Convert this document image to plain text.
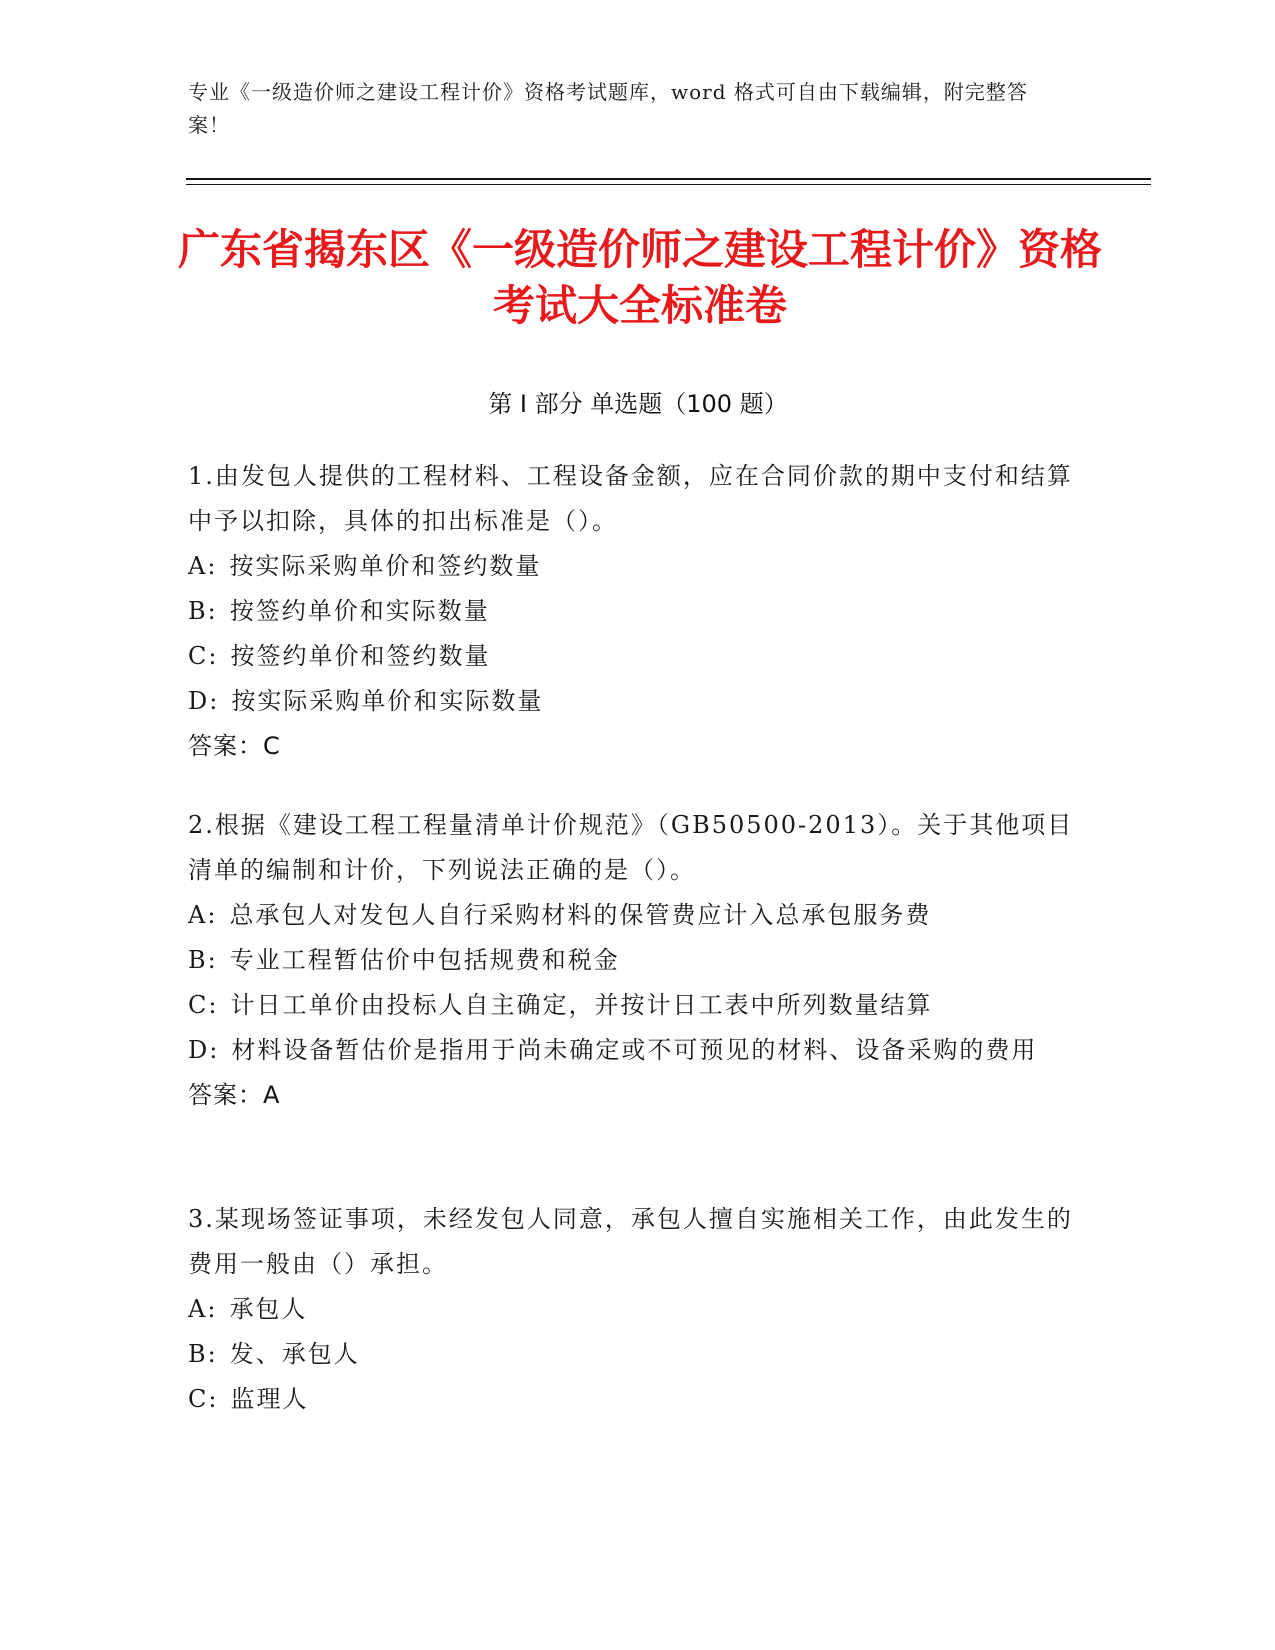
专业《一级造价师之建设工程计价》资格考试题库，word 格式可自由下载编辑，附完整答案！
广东省揭东区《一级造价师之建设工程计价》资格考试大全标准卷
第 I 部分 单选题（100 题）

1.由发包人提供的工程材料、工程设备金额，应在合同价款的期中支付和结算中予以扣除，具体的扣出标准是（）。

A: 按实际采购单价和签约数量

B: 按签约单价和实际数量

C: 按签约单价和签约数量

D: 按实际采购单价和实际数量

答案：C

2.根据《建设工程工程量清单计价规范》（GB50500-2013）。关于其他项目清单的编制和计价，下列说法正确的是（）。

A: 总承包人对发包人自行采购材料的保管费应计入总承包服务费

B: 专业工程暂估价中包括规费和税金

C: 计日工单价由投标人自主确定，并按计日工表中所列数量结算

D: 材料设备暂估价是指用于尚未确定或不可预见的材料、设备采购的费用

答案：A

3.某现场签证事项，未经发包人同意，承包人擅自实施相关工作，由此发生的费用一般由（）承担。

A: 承包人

B: 发、承包人

C: 监理人
